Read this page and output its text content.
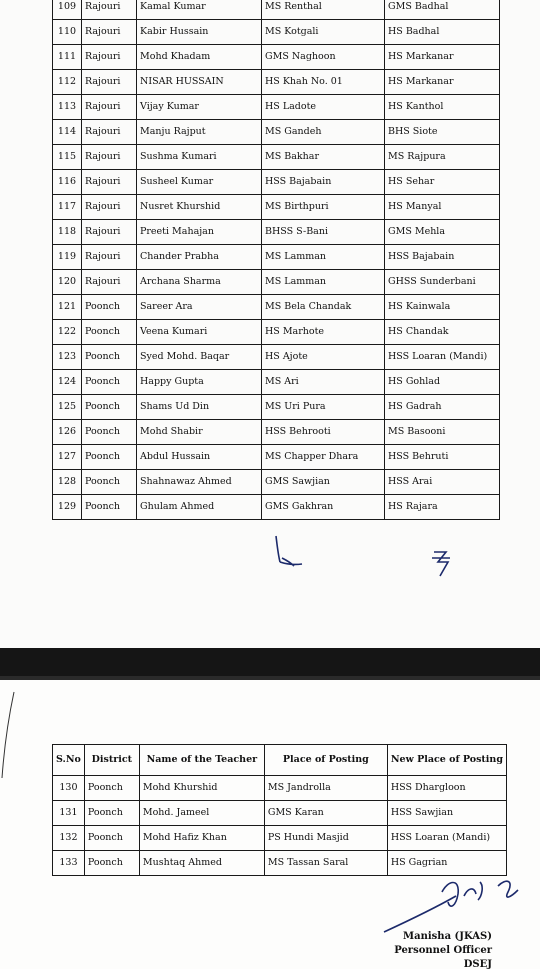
109	Rajouri	Kamal Kumar	MS Renthal	GMS Badhal
110	Rajouri	Kabir Hussain	MS Kotgali	HS Badhal
111	Rajouri	Mohd Khadam	GMS Naghoon	HS Markanar
112	Rajouri	NISAR HUSSAIN	HS Khah No. 01	HS Markanar
113	Rajouri	Vijay Kumar	HS Ladote	HS Kanthol
114	Rajouri	Manju Rajput	MS Gandeh	BHS Siote
115	Rajouri	Sushma Kumari	MS Bakhar	MS Rajpura
116	Rajouri	Susheel Kumar	HSS Bajabain	HS Sehar
117	Rajouri	Nusret Khurshid	MS Birthpuri	HS Manyal
118	Rajouri	Preeti Mahajan	BHSS S-Bani	GMS Mehla
119	Rajouri	Chander Prabha	MS Lamman	HSS Bajabain
120	Rajouri	Archana Sharma	MS Lamman	GHSS Sunderbani
121	Poonch	Sareer Ara	MS Bela Chandak	HS Kainwala
122	Poonch	Veena Kumari	HS Marhote	HS Chandak
123	Poonch	Syed Mohd. Baqar	HS Ajote	HSS Loaran (Mandi)
124	Poonch	Happy Gupta	MS Ari	HS Gohlad
125	Poonch	Shams Ud Din	MS Uri Pura	HS Gadrah
126	Poonch	Mohd Shabir	HSS Behrooti	MS Basooni
127	Poonch	Abdul Hussain	MS Chapper Dhara	HSS Behruti
128	Poonch	Shahnawaz Ahmed	GMS Sawjian	HSS Arai
129	Poonch	Ghulam Ahmed	GMS Gakhran	HS Rajara
S.No	District	Name of the Teacher	Place of Posting	New Place of Posting
130	Poonch	Mohd Khurshid	MS Jandrolla	HSS Dhargloon
131	Poonch	Mohd. Jameel	GMS Karan	HSS Sawjian
132	Poonch	Mohd Hafiz Khan	PS Hundi Masjid	HSS Loaran (Mandi)
133	Poonch	Mushtaq Ahmed	MS Tassan Saral	HS Gagrian
Manisha (JKAS)
Personnel Officer
DSEJ
